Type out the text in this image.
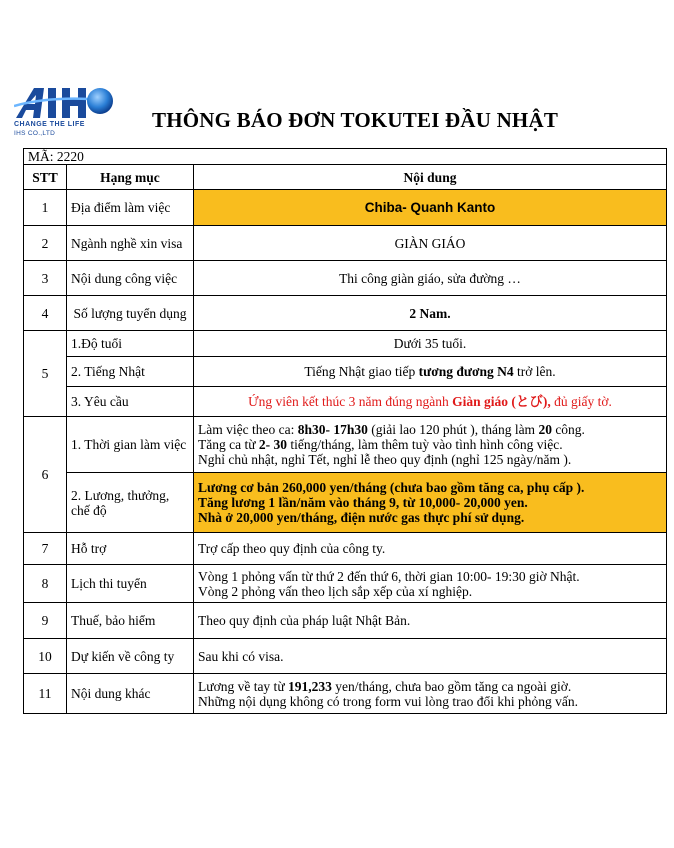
CHANGE THE LIFE
IHS CO.,LTD
THÔNG BÁO ĐƠN TOKUTEI ĐẦU NHẬT
MÃ: 2220		
STT	Hạng mục	Nội dung
1	Địa điểm làm việc	Chiba- Quanh Kanto
2	Ngành nghề xin visa	GIÀN GIÁO
3	Nội dung công việc	Thi công giàn giáo, sửa đường …
4	Số lượng tuyển dụng	2 Nam.
5	1.Độ tuổi	Dưới 35 tuổi.
	2. Tiếng Nhật	Tiếng Nhật giao tiếp tương đương N4 trở lên.
	3. Yêu cầu	Ứng viên kết thúc 3 năm đúng ngành Giàn giáo (とび), đủ giấy tờ.
6	1. Thời gian làm việc	Làm việc theo ca: 8h30- 17h30 (giải lao 120 phút ), tháng làm 20 công.
Tăng ca từ 2- 30 tiếng/tháng, làm thêm tuỳ vào tình hình công việc.
Nghỉ chủ nhật, nghỉ Tết, nghỉ lễ theo quy định (nghỉ 125 ngày/năm ).

	2. Lương, thưởng, chế độ	Lương cơ bản 260,000 yen/tháng (chưa bao gồm tăng ca, phụ cấp ).
Tăng lương 1 lần/năm vào tháng 9, từ 10,000- 20,000 yen.
Nhà ở 20,000 yen/tháng, điện nước gas thực phí sử dụng.

7	Hỗ trợ	Trợ cấp theo quy định của công ty.
8	Lịch thi tuyển	Vòng 1 phỏng vấn từ thứ 2 đến thứ 6, thời gian 10:00- 19:30 giờ Nhật.
Vòng 2 phỏng vấn theo lịch sắp xếp của xí nghiệp.

9	Thuế, bảo hiểm	Theo quy định của pháp luật Nhật Bản.
10	Dự kiến về công ty	Sau khi có visa.
11	Nội dung khác	Lương về tay từ 191,233 yen/tháng, chưa bao gồm tăng ca ngoài giờ.
Những nội dụng không có trong form vui lòng trao đổi khi phỏng vấn.
